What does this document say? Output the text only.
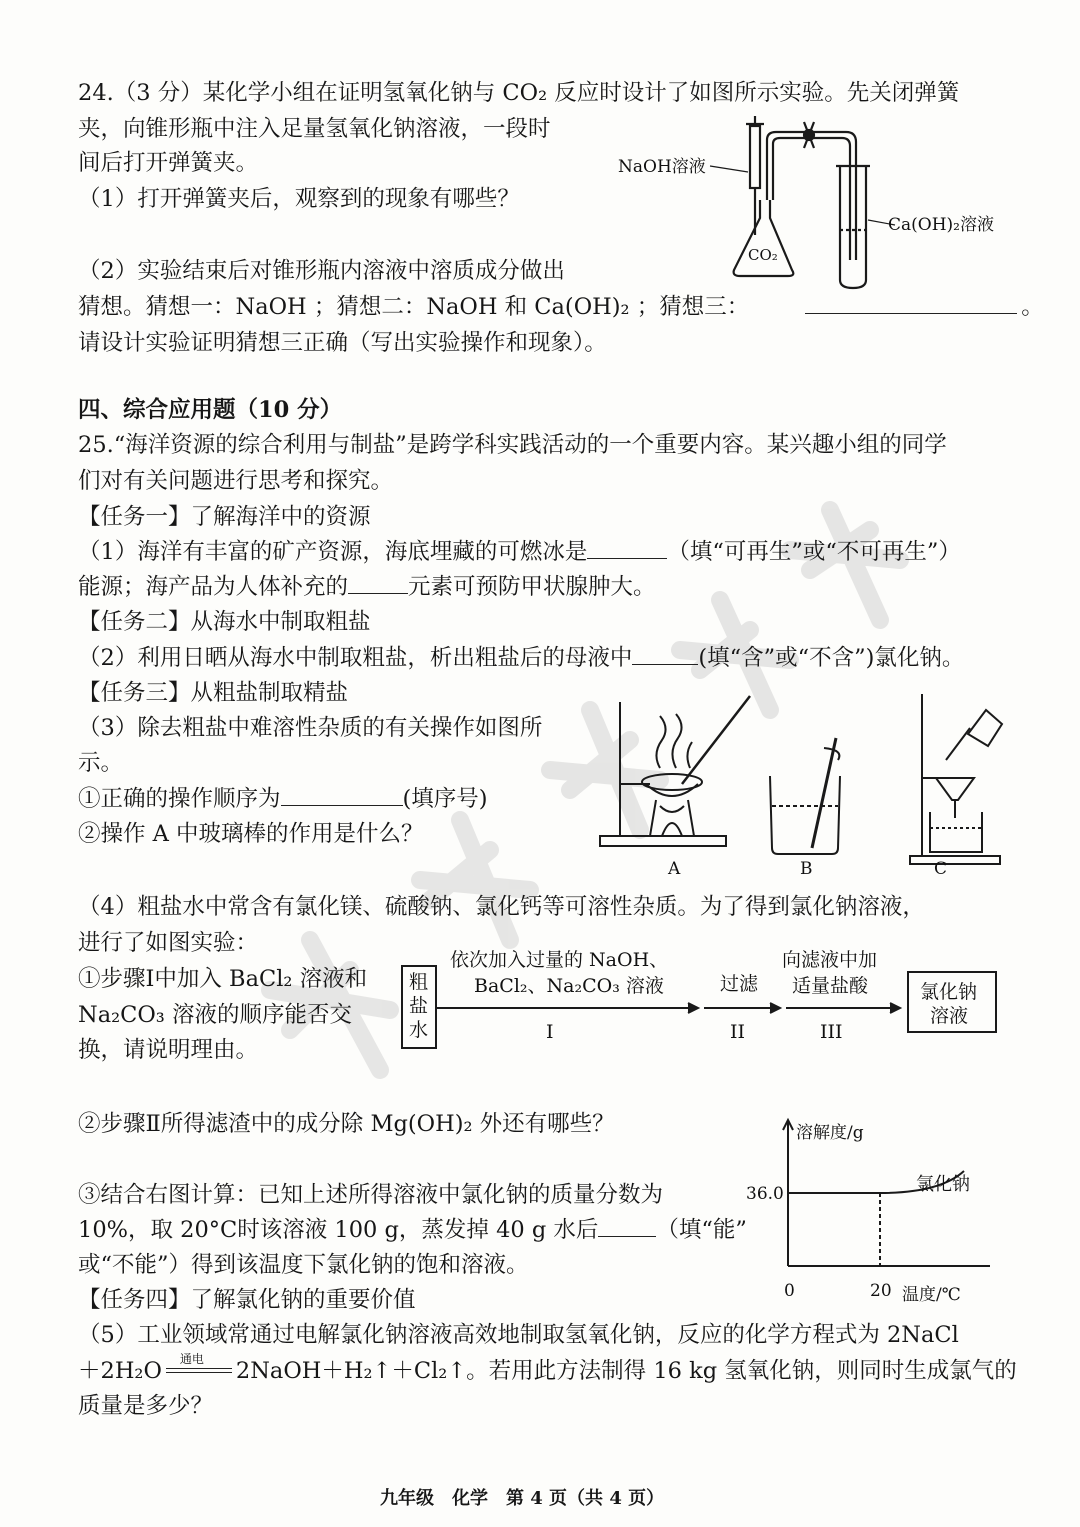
24.（3 分）某化学小组在证明氢氧化钠与 CO₂ 反应时设计了如图所示实验。先关闭弹簧
夹，向锥形瓶中注入足量氢氧化钠溶液，一段时
间后打开弹簧夹。
（1）打开弹簧夹后，观察到的现象有哪些？
（2）实验结束后对锥形瓶内溶液中溶质成分做出
猜想。猜想一：NaOH ；猜想二：NaOH 和 Ca(OH)₂ ；猜想三：	。
请设计实验证明猜想三正确（写出实验操作和现象）。
NaOH溶液
Ca(OH)₂溶液
CO₂
四、综合应用题（10 分）
25.“海洋资源的综合利用与制盐”是跨学科实践活动的一个重要内容。某兴趣小组的同学
们对有关问题进行思考和探究。
【任务一】了解海洋中的资源
（1）海洋有丰富的矿产资源，海底埋藏的可燃冰是	（填“可再生”或“不可再生”）
能源；海产品为人体补充的	元素可预防甲状腺肿大。
【任务二】从海水中制取粗盐
（2）利用日晒从海水中制取粗盐，析出粗盐后的母液中	(填“含”或“不含”)氯化钠。
【任务三】从粗盐制取精盐
（3）除去粗盐中难溶性杂质的有关操作如图所
示。
①正确的操作顺序为	(填序号)
②操作 A 中玻璃棒的作用是什么？
A	B	C
（4）粗盐水中常含有氯化镁、硫酸钠、氯化钙等可溶性杂质。为了得到氯化钠溶液，
进行了如图实验：
①步骤Ⅰ中加入 BaCl₂ 溶液和
Na₂CO₃ 溶液的顺序能否交
换，请说明理由。
粗盐水
依次加入过量的 NaOH、
BaCl₂、Na₂CO₃ 溶液
I
过滤
II
向滤液中加
适量盐酸
III
氯化钠
溶液
②步骤Ⅱ所得滤渣中的成分除 Mg(OH)₂ 外还有哪些？
③结合右图计算：已知上述所得溶液中氯化钠的质量分数为
10%，取 20°C时该溶液 100 g，蒸发掉 40 g 水后	（填“能”
或“不能”）得到该温度下氯化钠的饱和溶液。
溶解度/g
温度/℃
36.0
0	20
氯化钠
【任务四】了解氯化钠的重要价值
（5）工业领域常通过电解氯化钠溶液高效地制取氢氧化钠，反应的化学方程式为 2NaCl
＋2H₂O 通电 2NaOH＋H₂↑＋Cl₂↑。若用此方法制得 16 kg 氢氧化钠，则同时生成氯气的
质量是多少？
九年级　化学　第 4 页（共 4 页）
